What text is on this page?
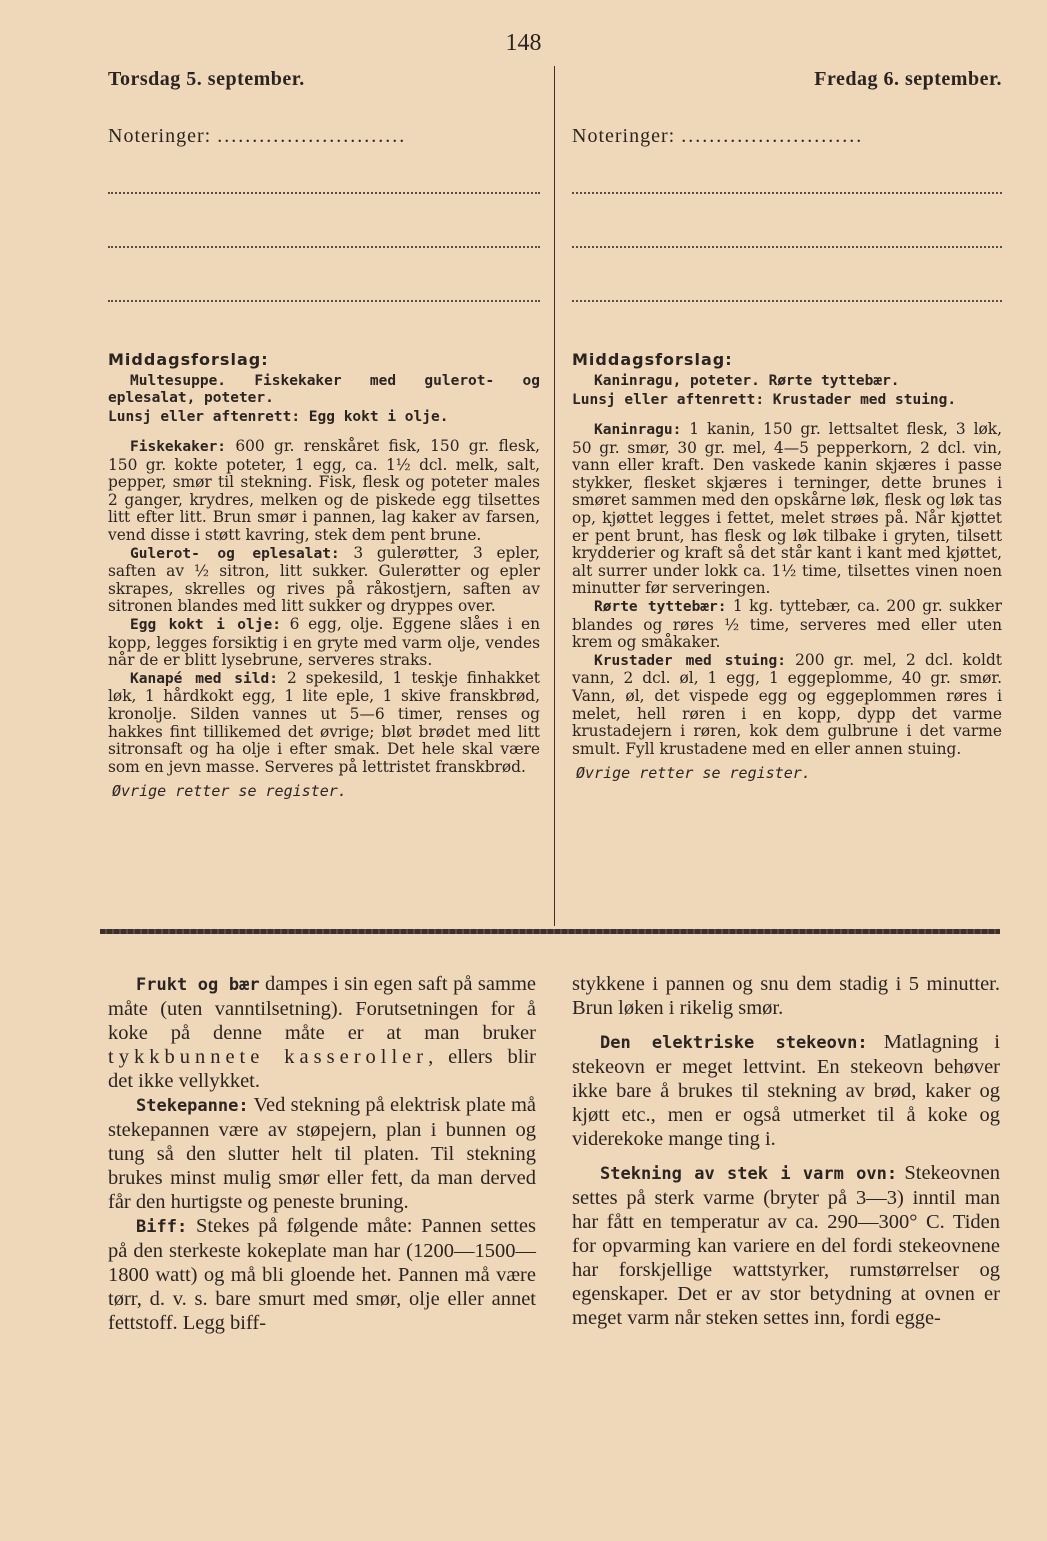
148
Torsdag 5. september.
Noteringer: ...........................
Middagsforslag:
Multesuppe. Fiskekaker med gulerot- og eplesalat, poteter.
Lunsj eller aftenrett: Egg kokt i olje.

Fiskekaker: 600 gr. renskåret fisk, 150 gr. flesk, 150 gr. kokte poteter, 1 egg, ca. 1½ dcl. melk, salt, pepper, smør til stekning. Fisk, flesk og poteter males 2 ganger, krydres, melken og de piskede egg tilsettes litt efter litt. Brun smør i pannen, lag kaker av farsen, vend disse i støtt kavring, stek dem pent brune.

Gulerot- og eplesalat: 3 gulerøtter, 3 epler, saften av ½ sitron, litt sukker. Gulerøtter og epler skrapes, skrelles og rives på råkostjern, saften av sitronen blandes med litt sukker og dryppes over.

Egg kokt i olje: 6 egg, olje. Eggene slåes i en kopp, legges forsiktig i en gryte med varm olje, vendes når de er blitt lysebrune, serveres straks.

Kanapé med sild: 2 spekesild, 1 teskje finhakket løk, 1 hårdkokt egg, 1 lite eple, 1 skive franskbrød, kronolje. Silden vannes ut 5—6 timer, renses og hakkes fint tillikemed det øvrige; bløt brødet med litt sitronsaft og ha olje i efter smak. Det hele skal være som en jevn masse. Serveres på lettristet franskbrød.

Øvrige retter se register.
Fredag 6. september.
Noteringer: ..........................
Middagsforslag:
Kaninragu, poteter. Rørte tyttebær.
Lunsj eller aftenrett: Krustader med stuing.

Kaninragu: 1 kanin, 150 gr. lettsaltet flesk, 3 løk, 50 gr. smør, 30 gr. mel, 4—5 pepperkorn, 2 dcl. vin, vann eller kraft. Den vaskede kanin skjæres i passe stykker, flesket skjæres i terninger, dette brunes i smøret sammen med den opskårne løk, flesk og løk tas op, kjøttet legges i fettet, melet strøes på. Når kjøttet er pent brunt, has flesk og løk tilbake i gryten, tilsett krydderier og kraft så det står kant i kant med kjøttet, alt surrer under lokk ca. 1½ time, tilsettes vinen noen minutter før serveringen.

Rørte tyttebær: 1 kg. tyttebær, ca. 200 gr. sukker blandes og røres ½ time, serveres med eller uten krem og småkaker.

Krustader med stuing: 200 gr. mel, 2 dcl. koldt vann, 2 dcl. øl, 1 egg, 1 eggeplomme, 40 gr. smør. Vann, øl, det vispede egg og eggeplommen røres i melet, hell røren i en kopp, dypp det varme krustadejern i røren, kok dem gulbrune i det varme smult. Fyll krustadene med en eller annen stuing.

Øvrige retter se register.

Frukt og bær dampes i sin egen saft på samme måte (uten vanntilsetning). Forutsetningen for å koke på denne måte er at man bruker tykkbunnete kasseroller, ellers blir det ikke vellykket.

Stekepanne: Ved stekning på elektrisk plate må stekepannen være av støpejern, plan i bunnen og tung så den slutter helt til platen. Til stekning brukes minst mulig smør eller fett, da man derved får den hurtigste og peneste bruning.

Biff: Stekes på følgende måte: Pannen settes på den sterkeste kokeplate man har (1200—1500—1800 watt) og må bli gloende het. Pannen må være tørr, d. v. s. bare smurt med smør, olje eller annet fettstoff. Legg biff-

stykkene i pannen og snu dem stadig i 5 minutter. Brun løken i rikelig smør.

Den elektriske stekeovn: Matlagning i stekeovn er meget lettvint. En stekeovn behøver ikke bare å brukes til stekning av brød, kaker og kjøtt etc., men er også utmerket til å koke og viderekoke mange ting i.

Stekning av stek i varm ovn: Stekeovnen settes på sterk varme (bryter på 3—3) inntil man har fått en temperatur av ca. 290—300° C. Tiden for opvarming kan variere en del fordi stekeovnene har forskjellige wattstyrker, rumstørrelser og egenskaper. Det er av stor betydning at ovnen er meget varm når steken settes inn, fordi egge-
